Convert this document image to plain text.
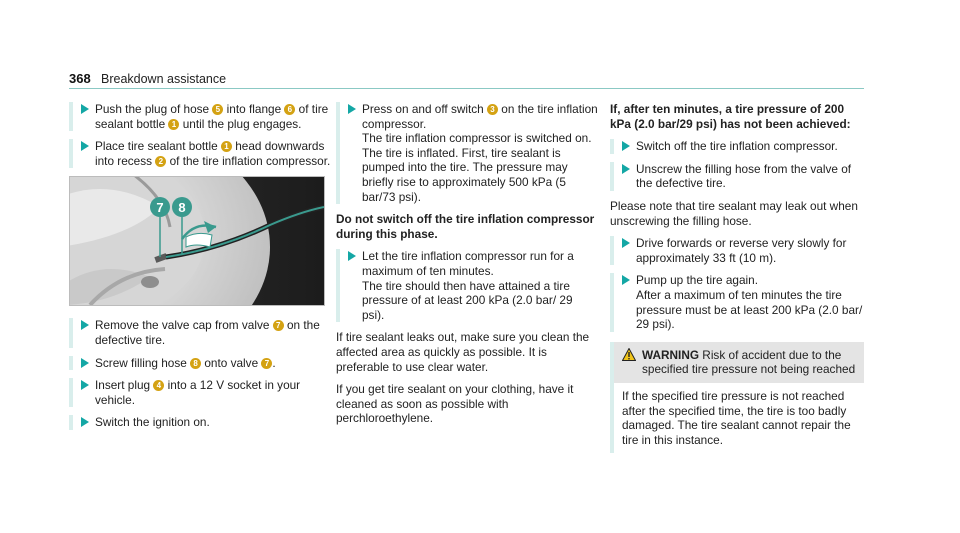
368 Breakdown assistance
Push the plug of hose 5 into flange 6 of tire sealant bottle 1 until the plug engages.
Place tire sealant bottle 1 head downwards into recess 2 of the tire inflation compressor.
7 8
Remove the valve cap from valve 7 on the defective tire.
Screw filling hose 8 onto valve 7 .
Insert plug 4 into a 12 V socket in your vehicle.
Switch the ignition on.
Press on and off switch 3 on the tire inflation compressor.
The tire inflation compressor is switched on. The tire is inflated. First, tire sealant is pumped into the tire. The pressure may briefly rise to approximately 500 kPa (5 bar/73 psi).
Do not switch off the tire inflation compressor during this phase.
Let the tire inflation compressor run for a maximum of ten minutes.
The tire should then have attained a tire pressure of at least 200 kPa (2.0 bar/ 29 psi).
If tire sealant leaks out, make sure you clean the affected area as quickly as possible. It is preferable to use clear water.
If you get tire sealant on your clothing, have it cleaned as soon as possible with perchloroethylene.
If, after ten minutes, a tire pressure of 200 kPa (2.0 bar/29 psi) has not been achieved:
Switch off the tire inflation compressor.
Unscrew the filling hose from the valve of the defective tire.
Please note that tire sealant may leak out when unscrewing the filling hose.
Drive forwards or reverse very slowly for approximately 33 ft (10 m).
Pump up the tire again.
After a maximum of ten minutes the tire pressure must be at least 200 kPa (2.0 bar/ 29 psi).
WARNING Risk of accident due to the specified tire pressure not being reached
If the specified tire pressure is not reached after the specified time, the tire is too badly damaged. The tire sealant cannot repair the tire in this instance.
